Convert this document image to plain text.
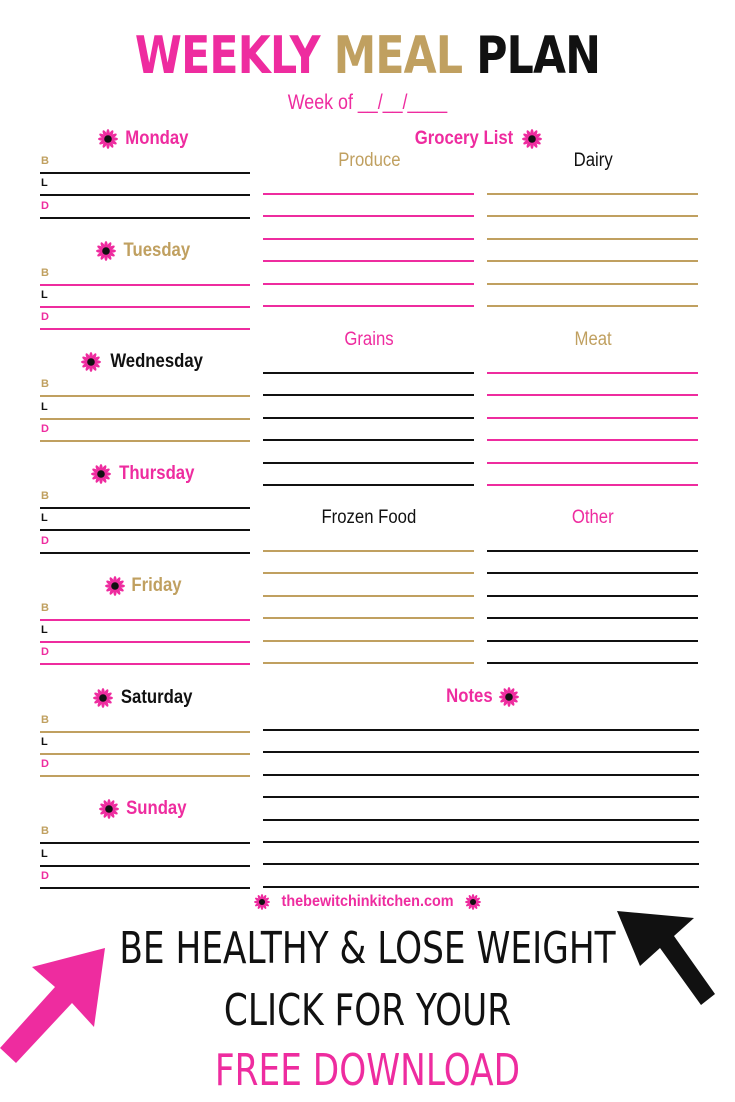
WEEKLY MEAL PLAN
Week of __/__/____
Monday
B
L
D
Tuesday
B
L
D
Wednesday
B
L
D
Thursday
B
L
D
Friday
B
L
D
Saturday
B
L
D
Sunday
B
L
D
Grocery List
Produce	Dairy
Grains	Meat
Frozen Food	Other
Notes
thebewitchinkitchen.com
BE HEALTHY & LOSE WEIGHT
CLICK FOR YOUR
FREE DOWNLOAD
